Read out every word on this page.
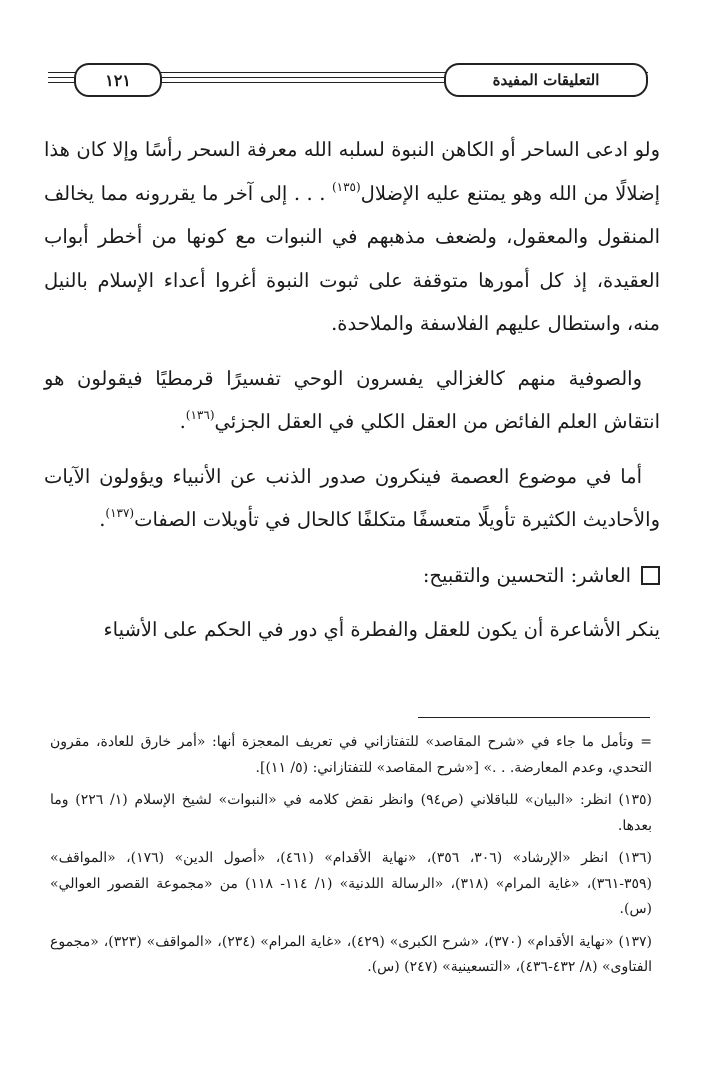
التعليقات المفيدة
١٢١

ولو ادعى الساحر أو الكاهن النبوة لسلبه الله معرفة السحر رأسًا وإلا كان هذا إضلالًا من الله وهو يمتنع عليه الإضلال$^{(١٣٥)}$ . . . إلى آخر ما يقررونه مما يخالف المنقول والمعقول، ولضعف مذهبهم في النبوات مع كونها من أخطر أبواب العقيدة، إذ كل أمورها متوقفة على ثبوت النبوة أغروا أعداء الإسلام بالنيل منه، واستطال عليهم الفلاسفة والملاحدة.

والصوفية منهم كالغزالي يفسرون الوحي تفسيرًا قرمطيًا فيقولون هو انتقاش العلم الفائض من العقل الكلي في العقل الجزئي$^{(١٣٦)}$.

أما في موضوع العصمة فينكرون صدور الذنب عن الأنبياء ويؤولون الآيات والأحاديث الكثيرة تأويلًا متعسفًا متكلفًا كالحال في تأويلات الصفات$^{(١٣٧)}$.

العاشر: التحسين والتقبيح:

ينكر الأشاعرة أن يكون للعقل والفطرة أي دور في الحكم على الأشياء

= وتأمل ما جاء في «شرح المقاصد» للتفتازاني في تعريف المعجزة أنها: «أمر خارق للعادة، مقرون التحدي، وعدم المعارضة. . .» [«شرح المقاصد» للتفتازاني: (٥/ ١١)].

(١٣٥) انظر: «البيان» للباقلاني (ص٩٤) وانظر نقض كلامه في «النبوات» لشيخ الإسلام (١/ ٢٢٦) وما بعدها.

(١٣٦) انظر «الإرشاد» (٣٠٦، ٣٥٦)، «نهاية الأقدام» (٤٦١)، «أصول الدين» (١٧٦)، «المواقف» (٣٥٩-٣٦١)، «غاية المرام» (٣١٨)، «الرسالة اللدنية» (١/ ١١٤- ١١٨) من «مجموعة القصور العوالي» (س).

(١٣٧) «نهاية الأقدام» (٣٧٠)، «شرح الكبرى» (٤٢٩)، «غاية المرام» (٢٣٤)، «المواقف» (٣٢٣)، «مجموع الفتاوى» (٨/ ٤٣٢-٤٣٦)، «التسعينية» (٢٤٧) (س).
